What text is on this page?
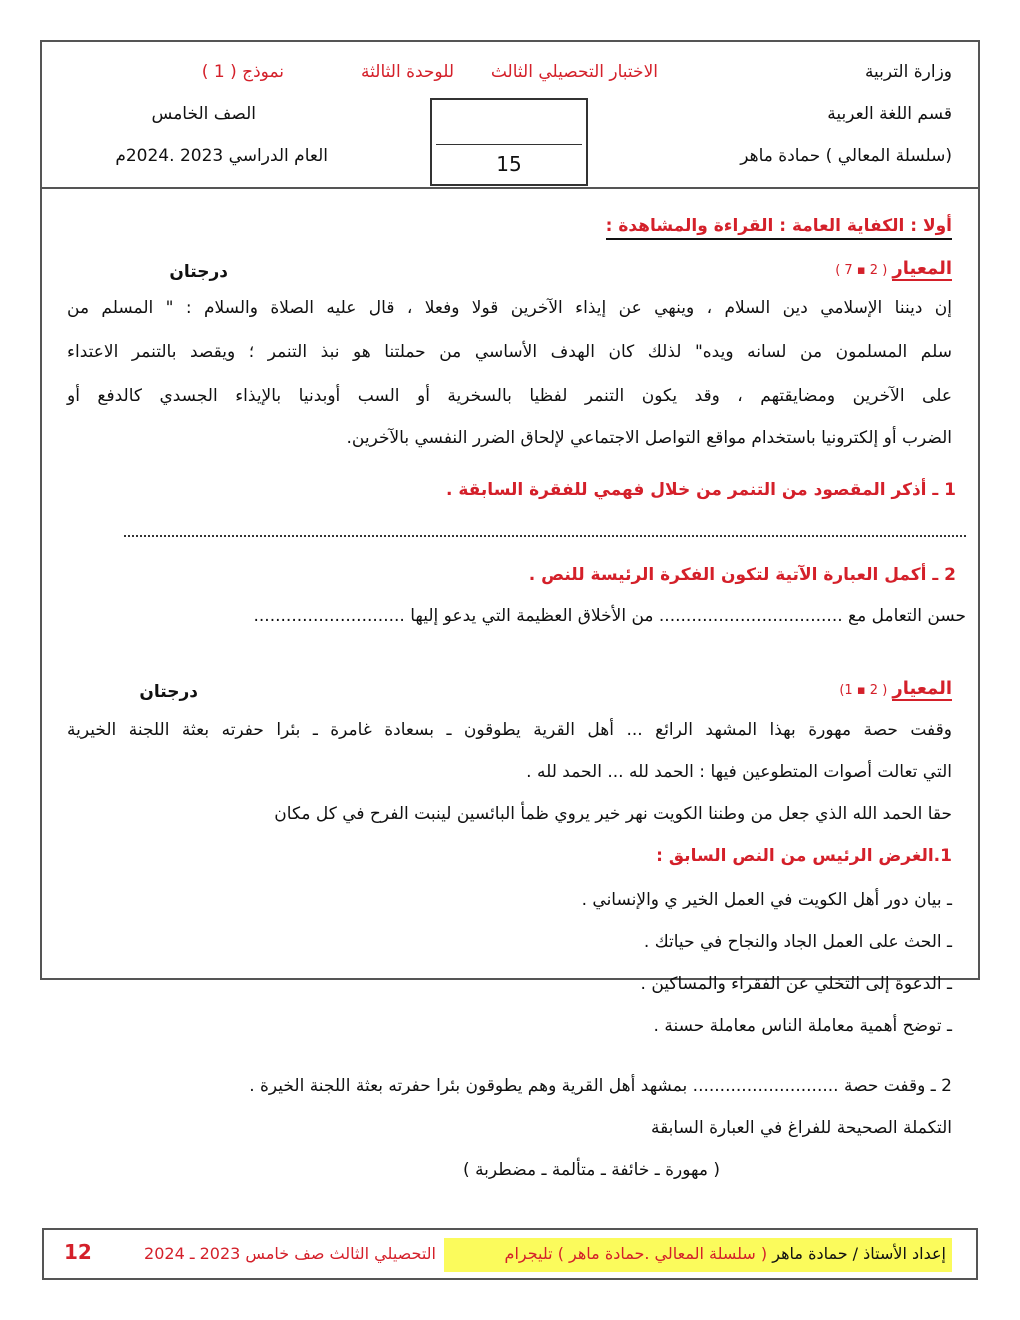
وزارة التربية
قسم اللغة العربية
(سلسلة المعالي ) حمادة ماهر
الاختبار التحصيلي الثالث
للوحدة الثالثة
نموذج ( 1 )
الصف الخامس
العام الدراسي 2023 .2024م	15
أولا : الكفاية العامة : القراءة والمشاهدة :
المعيار ( 2 ▪ 7 )
درجتان
إن ديننا الإسلامي دين السلام ، وينهي عن إيذاء الآخرين قولا وفعلا ، قال عليه الصلاة والسلام : " المسلم من
سلم المسلمون من لسانه ويده" لذلك كان الهدف الأساسي من حملتنا هو نبذ التنمر ؛ ويقصد بالتنمر الاعتداء
على الآخرين ومضايقتهم ، وقد يكون التنمر لفظيا بالسخرية أو السب أوبدنيا بالإيذاء الجسدي كالدفع أو
الضرب أو إلكترونيا باستخدام مواقع التواصل الاجتماعي لإلحاق الضرر النفسي بالآخرين.
1 ـ أذكر المقصود من التنمر من خلال فهمي للفقرة السابقة .
2 ـ أكمل العبارة الآتية لتكون الفكرة الرئيسة للنص .
حسن التعامل مع .................................. من الأخلاق العظيمة التي يدعو إليها ............................
المعيار ( 2 ▪ 1)
درجتان
وقفت حصة مهورة بهذا المشهد الرائع ... أهل القرية يطوقون ـ بسعادة غامرة ـ بئرا حفرته بعثة اللجنة الخيرية
التي تعالت أصوات المتطوعين فيها : الحمد لله ... الحمد لله .
حقا الحمد الله الذي جعل من وطننا الكويت نهر خير يروي ظمأ البائسين لينبت الفرح في كل مكان
1.الغرض الرئيس من النص السابق :
ـ بيان دور أهل الكويت في العمل الخير ي والإنساني .
ـ الحث على العمل الجاد والنجاح في حياتك .
ـ الدعوة إلى التخلي عن الفقراء والمساكين .
ـ توضح أهمية معاملة الناس معاملة حسنة .
2 ـ وقفت حصة ........................... بمشهد أهل القرية وهم يطوقون بئرا حفرته بعثة اللجنة الخيرة .
التكملة الصحيحة للفراغ في العبارة السابقة
( مهورة ـ خائفة ـ متألمة ـ مضطربة )
إعداد الأستاذ / حمادة ماهر ( سلسلة المعالي .حمادة ماهر ) تليجرام
التحصيلي الثالث صف خامس 2023 ـ 2024
12
